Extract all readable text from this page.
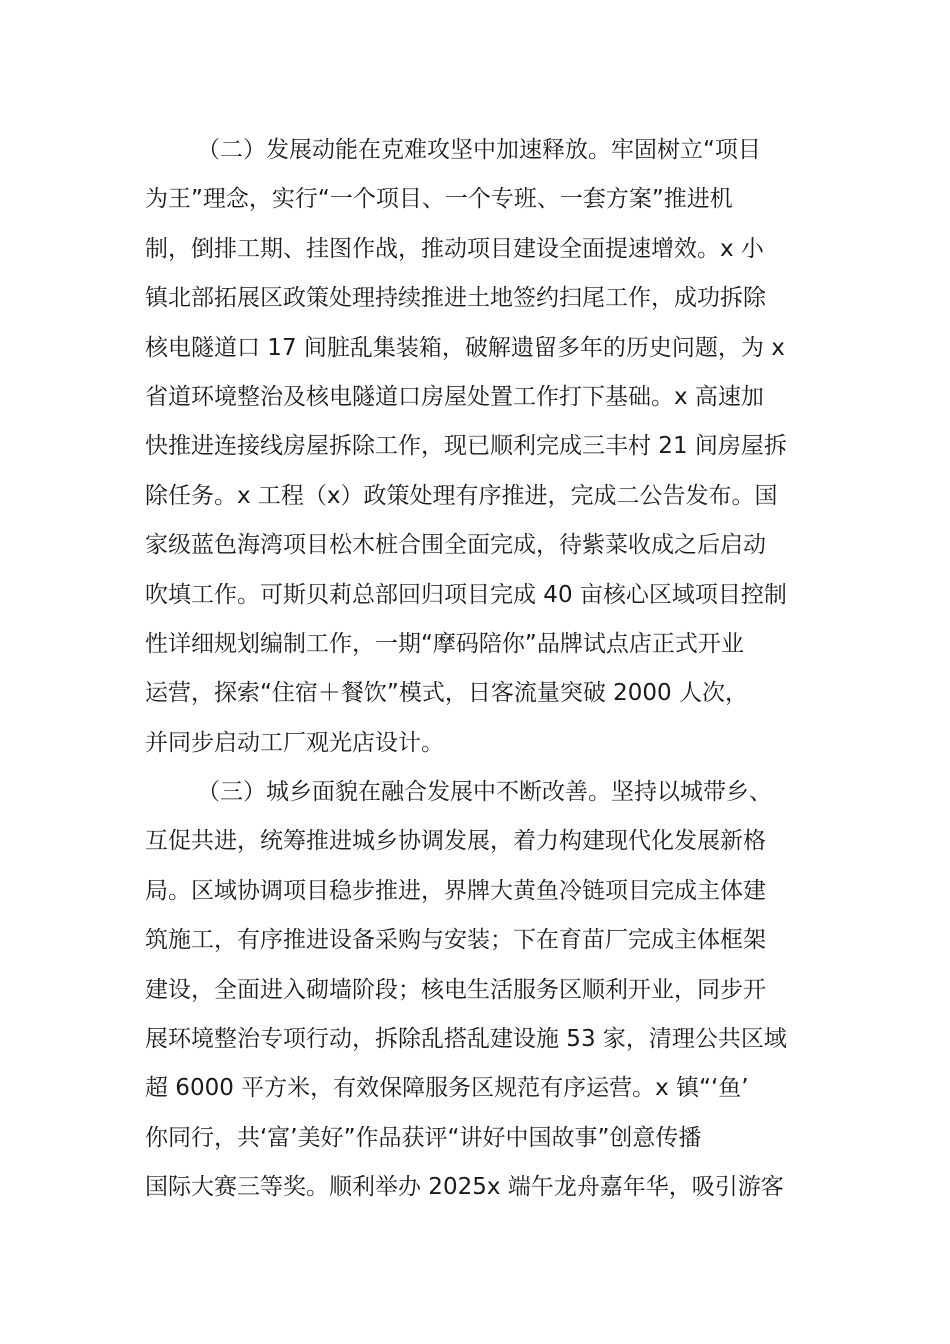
（二）发展动能在克难攻坚中加速释放。牢固树立“项目
为王”理念，实行“一个项目、一个专班、一套方案”推进机
制，倒排工期、挂图作战，推动项目建设全面提速增效。x 小
镇北部拓展区政策处理持续推进土地签约扫尾工作，成功拆除
核电隧道口 17 间脏乱集装箱，破解遗留多年的历史问题，为 x
省道环境整治及核电隧道口房屋处置工作打下基础。x 高速加
快推进连接线房屋拆除工作，现已顺利完成三丰村 21 间房屋拆
除任务。x 工程（x）政策处理有序推进，完成二公告发布。国
家级蓝色海湾项目松木桩合围全面完成，待紫菜收成之后启动
吹填工作。可斯贝莉总部回归项目完成 40 亩核心区域项目控制
性详细规划编制工作，一期“摩码陪你”品牌试点店正式开业
运营，探索“住宿＋餐饮”模式，日客流量突破 2000 人次，
并同步启动工厂观光店设计。
（三）城乡面貌在融合发展中不断改善。坚持以城带乡、
互促共进，统筹推进城乡协调发展，着力构建现代化发展新格
局。区域协调项目稳步推进，界牌大黄鱼冷链项目完成主体建
筑施工，有序推进设备采购与安装；下在育苗厂完成主体框架
建设，全面进入砌墙阶段；核电生活服务区顺利开业，同步开
展环境整治专项行动，拆除乱搭乱建设施 53 家，清理公共区域
超 6000 平方米，有效保障服务区规范有序运营。x 镇“‘鱼’
你同行，共‘富’美好”作品获评“讲好中国故事”创意传播
国际大赛三等奖。顺利举办 2025x 端午龙舟嘉年华，吸引游客
